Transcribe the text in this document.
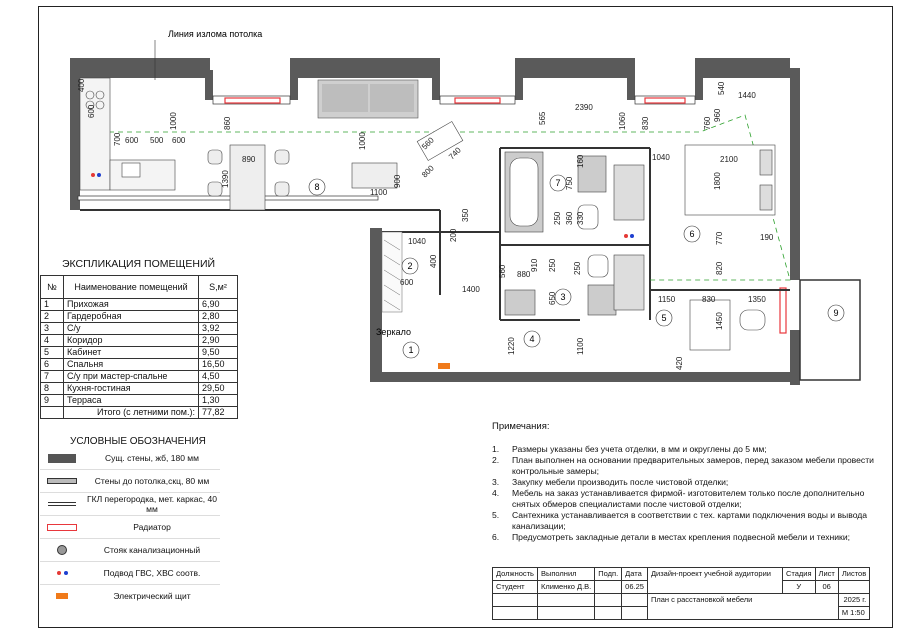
Линия излома потолка
1
2
3
4
5
6
7
8
9
Зеркало
400
600
700 600 500 600
1000	860
2390
565	1060 830	760
960
540
1440
890
1390
1100
900
1000	560
740
800
1040	2100
1800
770	190
1040
400
600
200
350
1400
880
910
650
250 250
1150	830	1350
1450
820
1220	1100
420
250 360 330
750
160
560
ЭКСПЛИКАЦИЯ ПОМЕЩЕНИЙ
№	Наименование помещений	S,м²
1	Прихожая	6,90
2	Гардеробная	2,80
3	С/у	3,92
4	Коридор	2,90
5	Кабинет	9,50
6	Спальня	16,50
7	С/у при мастер-спальне	4,50
8	Кухня-гостиная	29,50
9	Терраса	1,30
	Итого (с летними пом.):	77,82
УСЛОВНЫЕ ОБОЗНАЧЕНИЯ
Сущ. стены, жб, 180 мм
Стены до потолка,скц, 80 мм
ГКЛ перегородка, мет. каркас, 40 мм
Радиатор
Стояк канализационный
Подвод ГВС, ХВС соотв.
Электрический щит
Примечания:
1.	Размеры указаны без учета отделки, в мм и округлены до 5 мм;
2.	План выполнен на основании предварительных замеров, перед заказом мебели провести контрольные замеры;
3.	Закупку мебели производить после чистовой отделки;
4.	Мебель на заказ устанавливается фирмой- изготовителем только после дополнительно снятых обмеров специалистами после чистовой отделки;
5.	Сантехника устанавливается в соответствии с тех. картами подключения воды и вывода канализации;
6.	Предусмотреть закладные детали в местах крепления подвесной мебели и техники;
Должность	Выполнил	Подп.	Дата	Дизайн-проект учебной аудитории	Стадия	Лист	Листов
Студент	Клименко Д.В.		06.25		У	06	
				План с расстановкой мебели			2025 г.
							М 1:50
